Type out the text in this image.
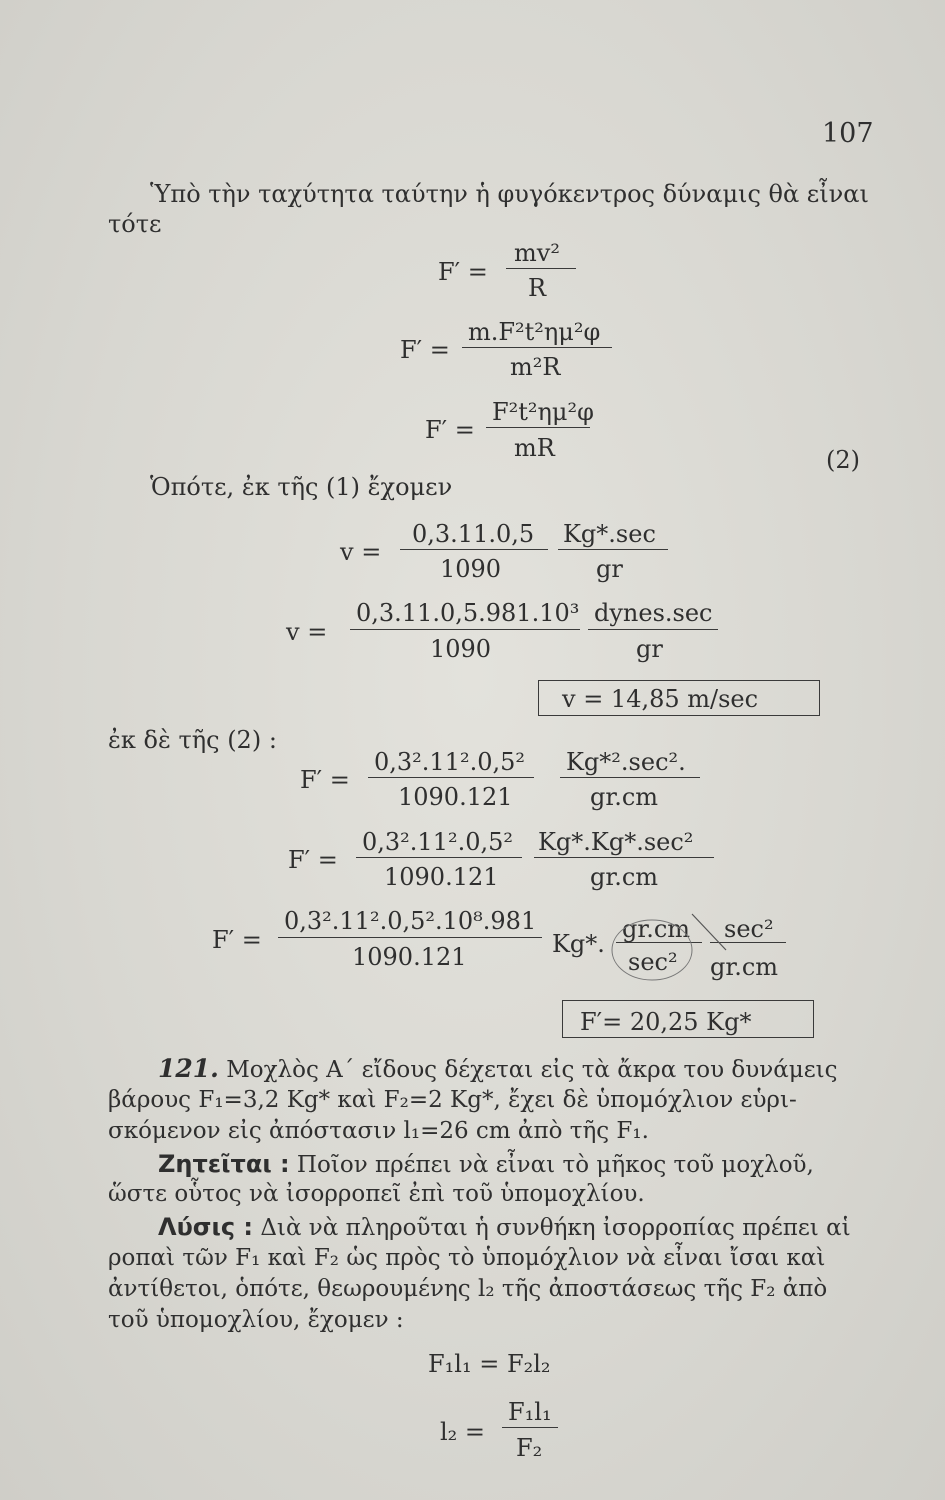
107
Ὑπὸ τὴν ταχύτητα ταύτην ἡ φυγόκεντρος δύναμις θὰ εἶναι
τότε
F′ =
mv²
R
F′ =
m.F²t²ημ²φ
m²R
F′ =
F²t²ημ²φ
mR	(2)
Ὁπότε, ἐκ τῆς (1) ἔχομεν
v =
0,3.11.0,5
1090
Kg*.sec
gr
v =
0,3.11.0,5.981.10³
1090
dynes.sec
gr
v = 14,85 m/sec
ἐκ δὲ τῆς (2) :
F′ =
0,3².11².0,5²
1090.121
Kg*².sec².
gr.cm
F′ =
0,3².11².0,5²
1090.121
Kg*.Kg*.sec²
gr.cm
F′ =
0,3².11².0,5².10⁸.981
1090.121	Kg*.
gr.cm
sec²
sec²
gr.cm
F′= 20,25 Kg*
121. Μοχλὸς Α΄ εἴδους δέχεται εἰς τὰ ἄκρα του δυνάμεις
βάρους F₁=3,2 Kg* καὶ F₂=2 Kg*, ἔχει δὲ ὑπομόχλιον εὑρι-
σκόμενον εἰς ἀπόστασιν l₁=26 cm ἀπὸ τῆς F₁.
Ζητεῖται : Ποῖον πρέπει νὰ εἶναι τὸ μῆκος τοῦ μοχλοῦ,
ὥστε οὗτος νὰ ἰσορροπεῖ ἐπὶ τοῦ ὑπομοχλίου.
Λύσις : Διὰ νὰ πληροῦται ἡ συνθήκη ἰσορροπίας πρέπει αἱ
ροπαὶ τῶν F₁ καὶ F₂ ὡς πρὸς τὸ ὑπομόχλιον νὰ εἶναι ἴσαι καὶ
ἀντίθετοι, ὁπότε, θεωρουμένης l₂ τῆς ἀποστάσεως τῆς F₂ ἀπὸ
τοῦ ὑπομοχλίου, ἔχομεν :
F₁l₁ = F₂l₂
l₂ =
F₁l₁
F₂
